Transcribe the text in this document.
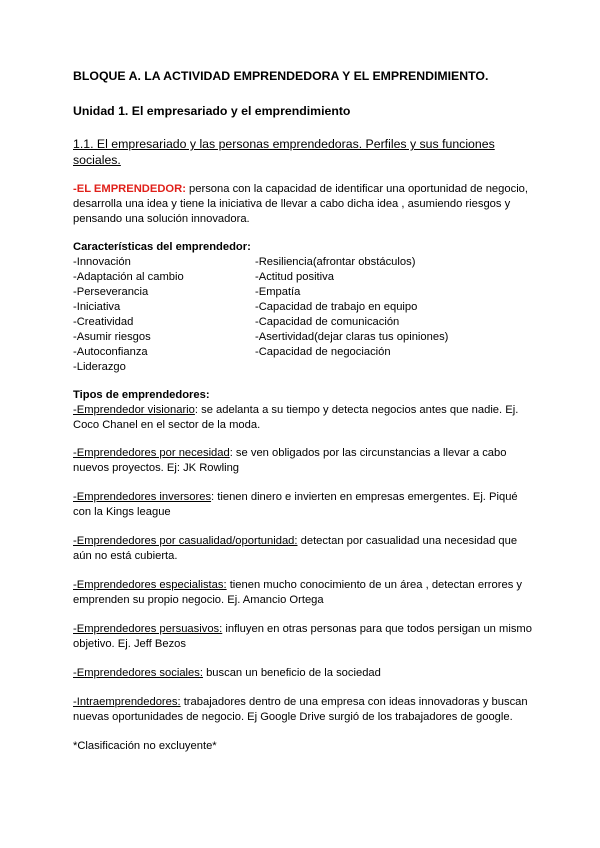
BLOQUE A. LA ACTIVIDAD EMPRENDEDORA Y EL EMPRENDIMIENTO.
Unidad 1. El empresariado y el emprendimiento
1.1. El empresariado y las personas emprendedoras. Perfiles y sus funciones
sociales.
-EL EMPRENDEDOR: persona con la capacidad de identificar una oportunidad de negocio,
desarrolla una idea y tiene la iniciativa de llevar a cabo dicha idea , asumiendo riesgos y
pensando una solución innovadora.
Características del emprendedor:
-Innovación
-Adaptación al cambio
-Perseverancia
-Iniciativa
-Creatividad
-Asumir riesgos
-Autoconfianza
-Liderazgo
-Resiliencia(afrontar obstáculos)
-Actitud positiva
-Empatía
-Capacidad de trabajo en equipo
-Capacidad de comunicación
-Asertividad(dejar claras tus opiniones)
-Capacidad de negociación
Tipos de emprendedores:
-Emprendedor visionario: se adelanta a su tiempo y detecta negocios antes que nadie. Ej.
Coco Chanel en el sector de la moda.
-Emprendedores por necesidad: se ven obligados por las circunstancias a llevar a cabo
nuevos proyectos. Ej: JK Rowling
-Emprendedores inversores: tienen dinero e invierten en empresas emergentes. Ej. Piqué
con la Kings league
-Emprendedores por casualidad/oportunidad: detectan por casualidad una necesidad que
aún no está cubierta.
-Emprendedores especialistas: tienen mucho conocimiento de un área , detectan errores y
emprenden su propio negocio. Ej. Amancio Ortega
-Emprendedores persuasivos: influyen en otras personas para que todos persigan un mismo
objetivo. Ej. Jeff Bezos
-Emprendedores sociales: buscan un beneficio de la sociedad
-Intraemprendedores: trabajadores dentro de una empresa con ideas innovadoras y buscan
nuevas oportunidades de negocio. Ej Google Drive surgió de los trabajadores de google.
*Clasificación no excluyente*
